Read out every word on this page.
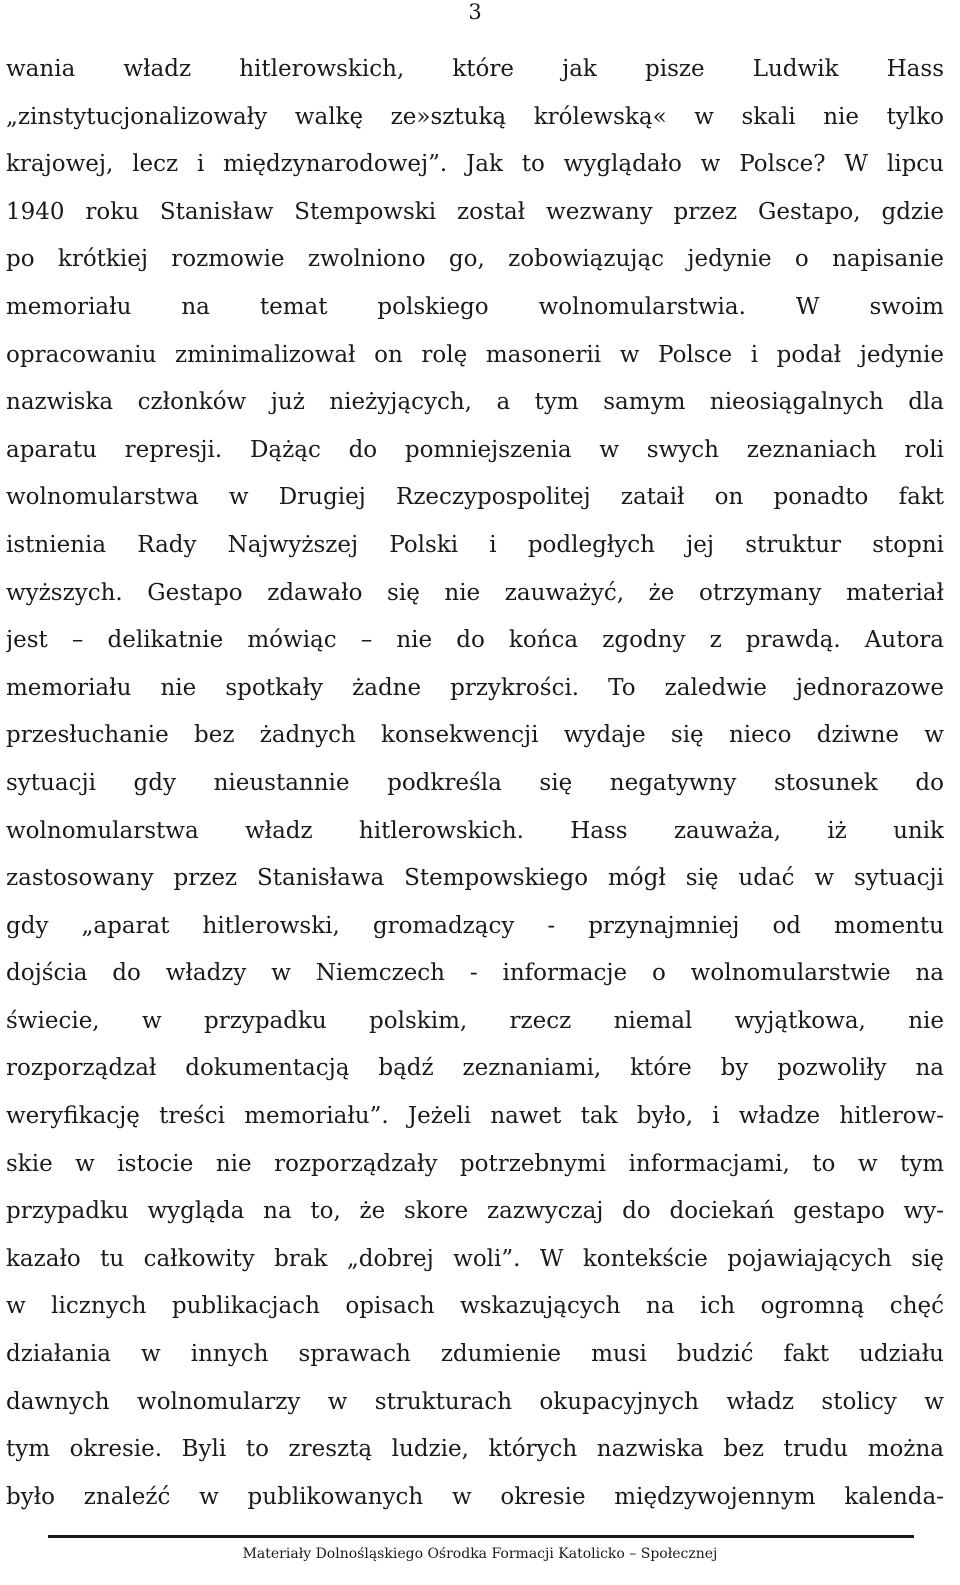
3
wania władz hitlerowskich, które jak pisze Ludwik Hass
„zinstytucjonalizowały walkę ze»sztuką królewską« w skali nie tylko
krajowej, lecz i międzynarodowej”. Jak to wyglądało w Polsce? W lipcu
1940 roku Stanisław Stempowski został wezwany przez Gestapo, gdzie
po krótkiej rozmowie zwolniono go, zobowiązując jedynie o napisanie
memoriału na temat polskiego wolnomularstwia. W swoim
opracowaniu zminimalizował on rolę masonerii w Polsce i podał jedynie
nazwiska członków już nieżyjących, a tym samym nieosiągalnych dla
aparatu represji. Dążąc do pomniejszenia w swych zeznaniach roli
wolnomularstwa w Drugiej Rzeczypospolitej zataił on ponadto fakt
istnienia Rady Najwyższej Polski i podległych jej struktur stopni
wyższych. Gestapo zdawało się nie zauważyć, że otrzymany materiał
jest – delikatnie mówiąc – nie do końca zgodny z prawdą. Autora
memoriału nie spotkały żadne przykrości. To zaledwie jednorazowe
przesłuchanie bez żadnych konsekwencji wydaje się nieco dziwne w
sytuacji gdy nieustannie podkreśla się negatywny stosunek do
wolnomularstwa władz hitlerowskich. Hass zauważa, iż unik
zastosowany przez Stanisława Stempowskiego mógł się udać w sytuacji
gdy „aparat hitlerowski, gromadzący - przynajmniej od momentu
dojścia do władzy w Niemczech - informacje o wolnomularstwie na
świecie, w przypadku polskim, rzecz niemal wyjątkowa, nie
rozporządzał dokumentacją bądź zeznaniami, które by pozwoliły na
weryfikację treści memoriału”. Jeżeli nawet tak było, i władze hitlerow-
skie w istocie nie rozporządzały potrzebnymi informacjami, to w tym
przypadku wygląda na to, że skore zazwyczaj do dociekań gestapo wy-
kazało tu całkowity brak „dobrej woli”. W kontekście pojawiających się
w licznych publikacjach opisach wskazujących na ich ogromną chęć
działania w innych sprawach zdumienie musi budzić fakt udziału
dawnych wolnomularzy w strukturach okupacyjnych władz stolicy w
tym okresie. Byli to zresztą ludzie, których nazwiska bez trudu można
było znaleźć w publikowanych w okresie międzywojennym kalenda-
Materiały Dolnośląskiego Ośrodka Formacji Katolicko – Społecznej
